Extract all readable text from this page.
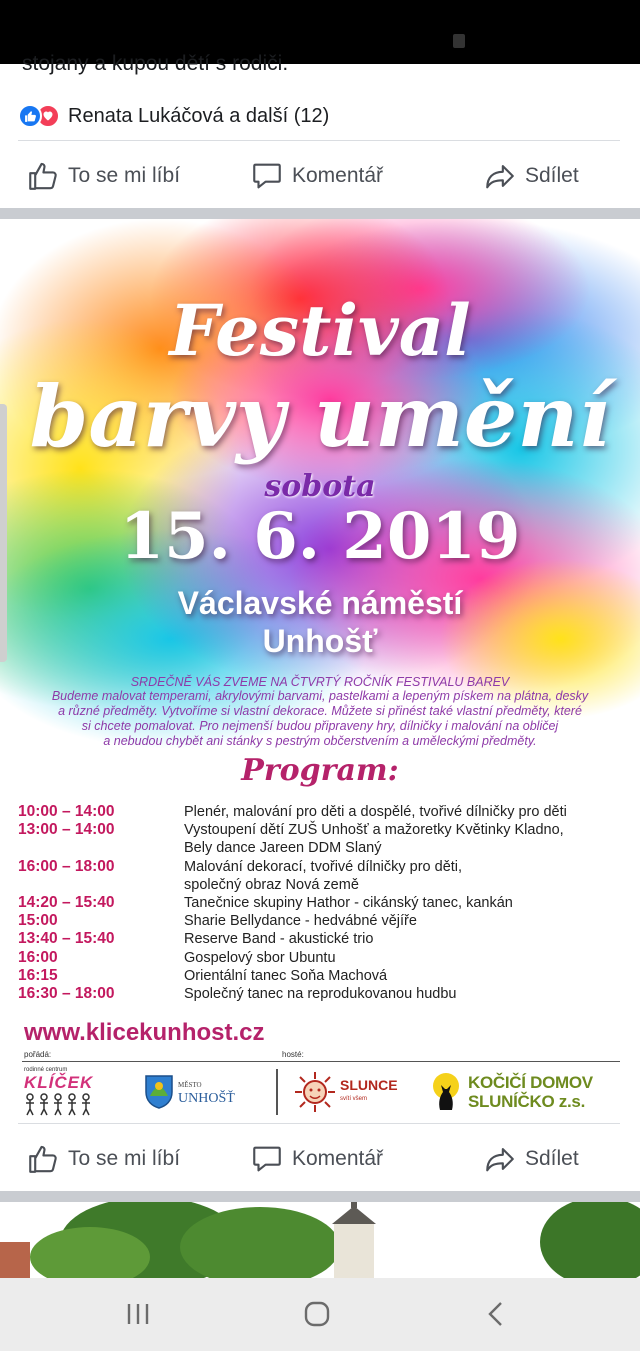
stojany a kupou dětí s rodiči.
Renata Lukáčová a další (12)
To se mi líbí	Komentář	Sdílet
Festival
barvy umění
sobota
15. 6. 2019
Václavské náměstí
Unhošť
SRDEČNĚ VÁS ZVEME NA ČTVRTÝ ROČNÍK FESTIVALU BAREV
Budeme malovat temperami, akrylovými barvami, pastelkami a lepeným pískem na plátna, desky
a různé předměty. Vytvoříme si vlastní dekorace. Můžete si přinést také vlastní předměty, které
si chcete pomalovat. Pro nejmenší budou připraveny hry, dílničky i malování na obličej
a nebudou chybět ani stánky s pestrým občerstvením a uměleckými předměty.
Program:
10:00 – 14:00	Plenér, malování pro děti a dospělé, tvořivé dílničky pro děti
13:00 – 14:00	Vystoupení dětí ZUŠ Unhošť a mažoretky Květinky Kladno,
Bely dance Jareen DDM Slaný
16:00 – 18:00	Malování dekorací, tvořivé dílničky pro děti,
společný obraz Nová země
14:20 – 15:40	Tanečnice skupiny Hathor - cikánský tanec, kankán
15:00	Sharie Bellydance - hedvábné vějíře
13:40 – 15:40	Reserve Band - akustické trio
16:00	Gospelový sbor Ubuntu
16:15	Orientální tanec Soňa Machová
16:30 – 18:00	Společný tanec na reprodukovanou hudbu
www.klicekunhost.cz
pořádá:	hosté:
rodinné centrum
KLÍČEK	MĚSTO
UNHOŠŤ
SLUNCE
svítí všem
KOČIČÍ DOMOV
SLUNÍČKO z.s.
To se mi líbí	Komentář	Sdílet
